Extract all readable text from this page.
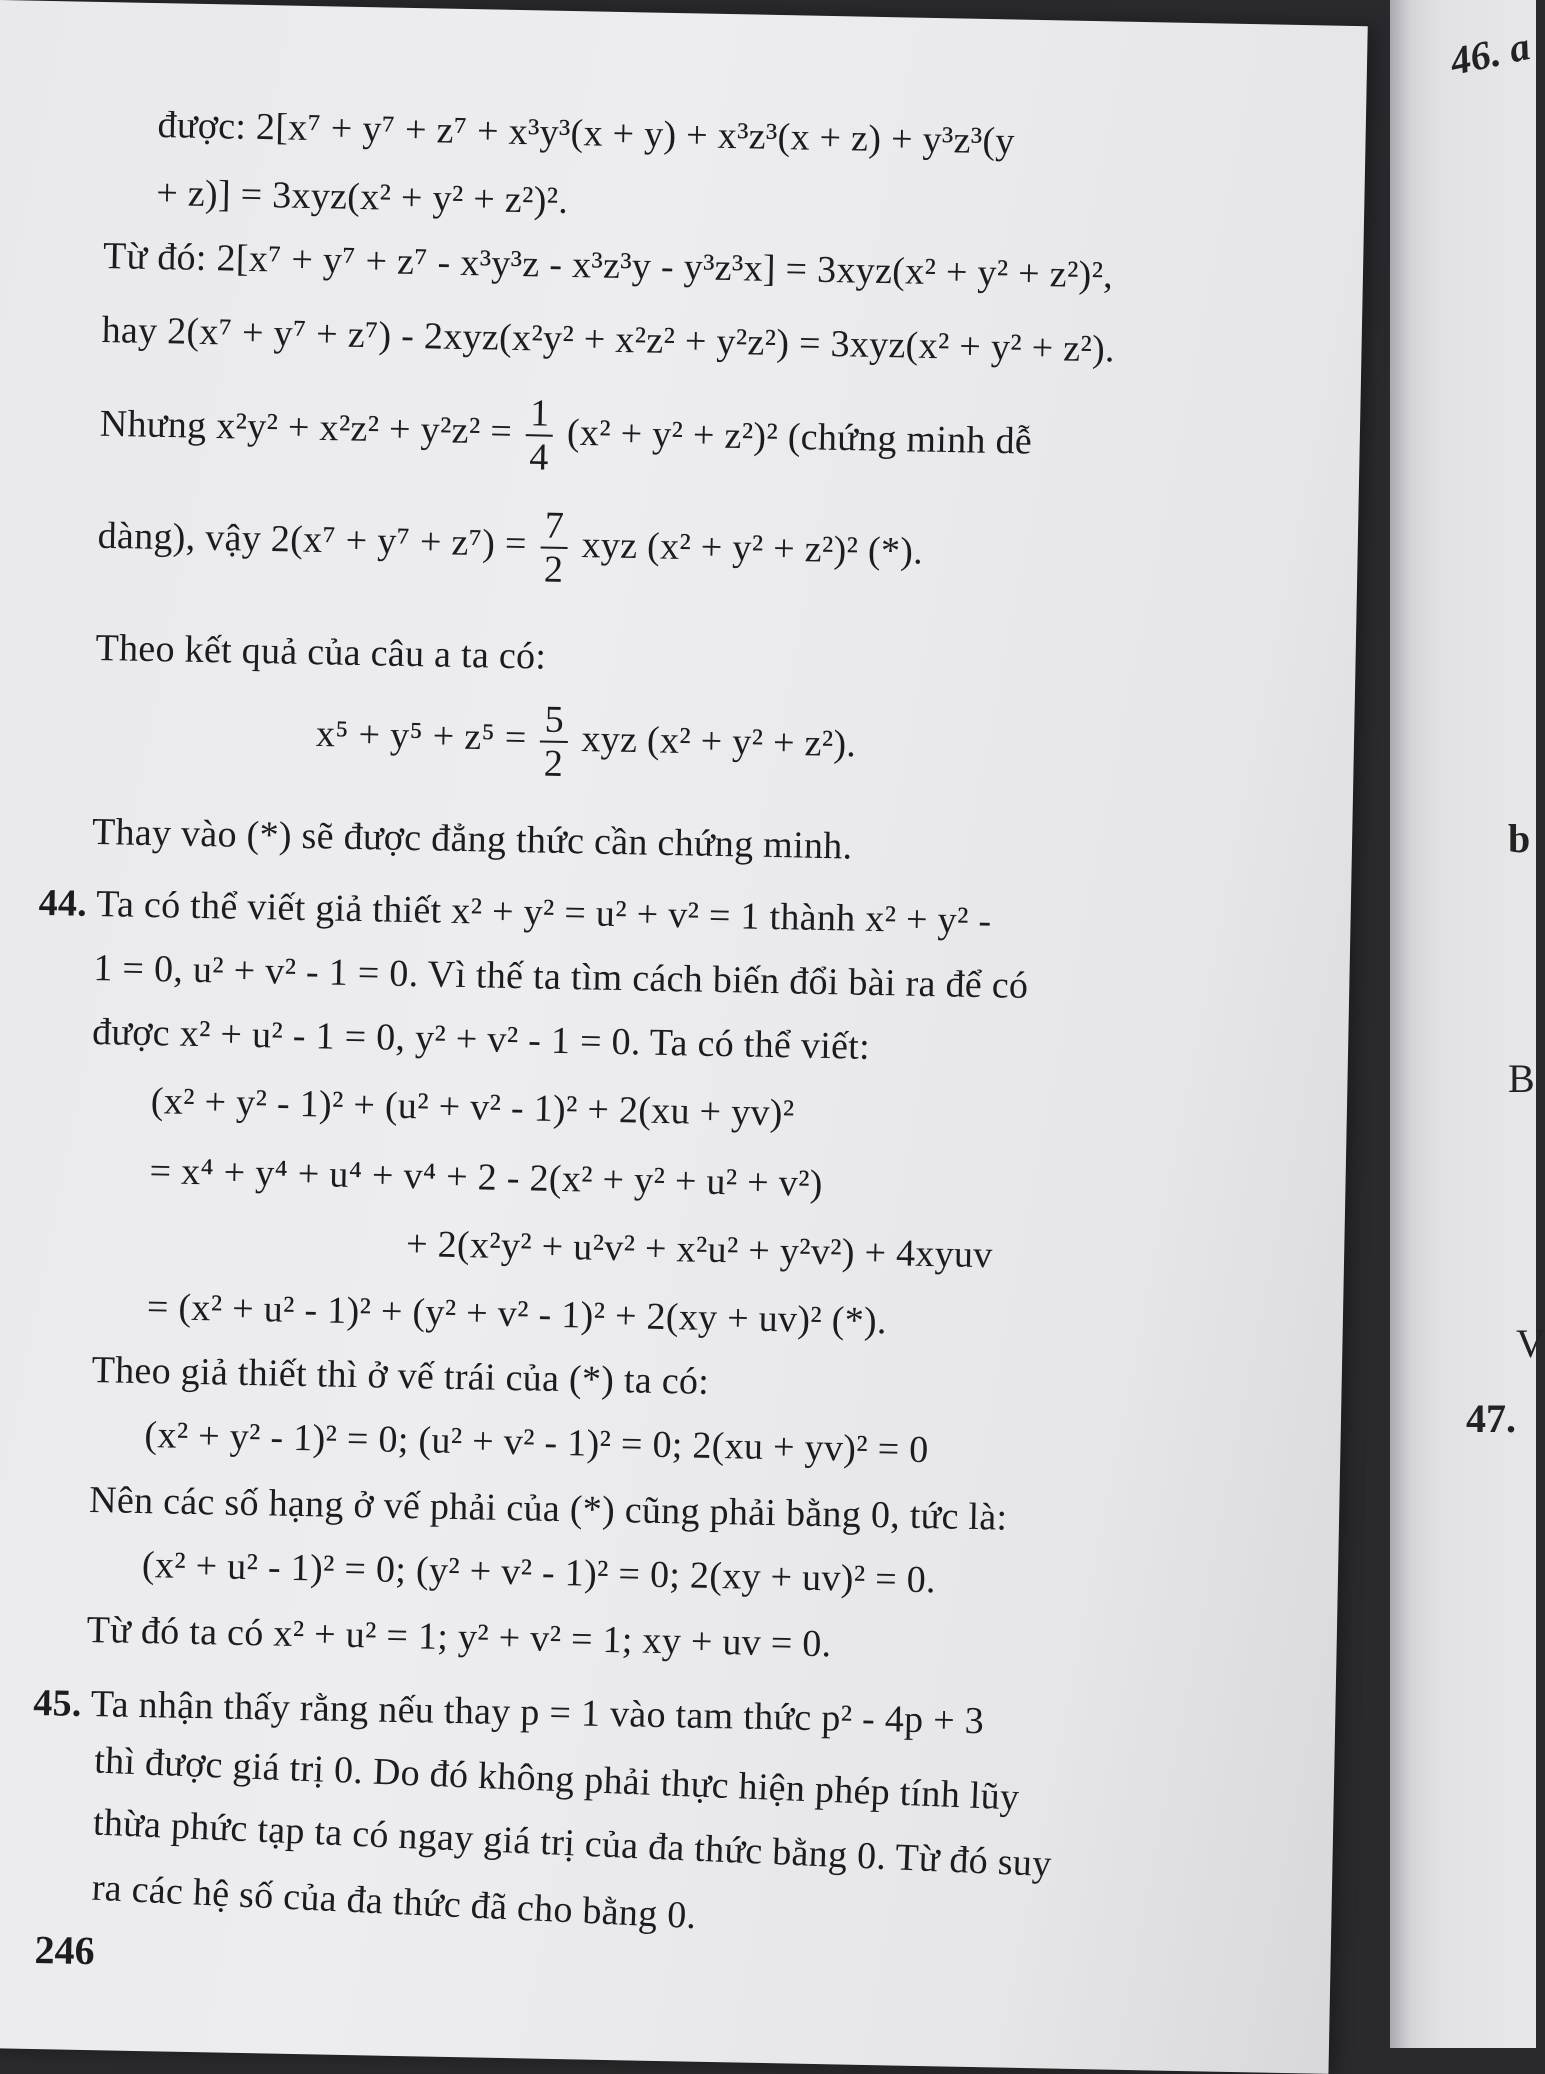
46. a
b
B
V
47.
được: 2[x⁷ + y⁷ + z⁷ + x³y³(x + y) + x³z³(x + z) + y³z³(y
+ z)] = 3xyz(x² + y² + z²)².
Từ đó: 2[x⁷ + y⁷ + z⁷ - x³y³z - x³z³y - y³z³x] = 3xyz(x² + y² + z²)²,
hay 2(x⁷ + y⁷ + z⁷) - 2xyz(x²y² + x²z² + y²z²) = 3xyz(x² + y² + z²).
Nhưng $x^2y^2 + x^2z^2 + y^2z^2 = \frac{1}{4} (x^2 + y^2 + z^2)^2$ (chứng minh dễ
dàng), vậy $2(x^7 + y^7 + z^7) = \frac{7}{2}$ xyz (x² + y² + z²)² (*).
Theo kết quả của câu a ta có:
$x^5 + y^5 + z^5 = \frac{5}{2}$ xyz (x² + y² + z²).
Thay vào (*) sẽ được đẳng thức cần chứng minh.
44. Ta có thể viết giả thiết x² + y² = u² + v² = 1 thành x² + y² -
1 = 0, u² + v² - 1 = 0. Vì thế ta tìm cách biến đổi bài ra để có
được x² + u² - 1 = 0, y² + v² - 1 = 0. Ta có thể viết:
(x² + y² - 1)² + (u² + v² - 1)² + 2(xu + yv)²
= x⁴ + y⁴ + u⁴ + v⁴ + 2 - 2(x² + y² + u² + v²)
+ 2(x²y² + u²v² + x²u² + y²v²) + 4xyuv
= (x² + u² - 1)² + (y² + v² - 1)² + 2(xy + uv)² (*).
Theo giả thiết thì ở vế trái của (*) ta có:
(x² + y² - 1)² = 0; (u² + v² - 1)² = 0; 2(xu + yv)² = 0
Nên các số hạng ở vế phải của (*) cũng phải bằng 0, tức là:
(x² + u² - 1)² = 0; (y² + v² - 1)² = 0; 2(xy + uv)² = 0.
Từ đó ta có x² + u² = 1; y² + v² = 1; xy + uv = 0.
45. Ta nhận thấy rằng nếu thay p = 1 vào tam thức p² - 4p + 3
thì được giá trị 0. Do đó không phải thực hiện phép tính lũy
thừa phức tạp ta có ngay giá trị của đa thức bằng 0. Từ đó suy
ra các hệ số của đa thức đã cho bằng 0.
246
